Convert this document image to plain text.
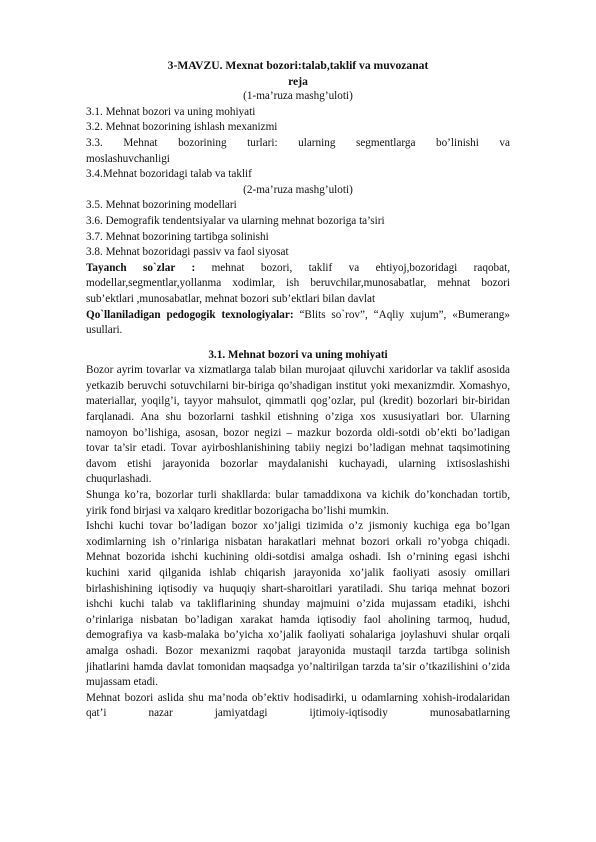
3-MAVZU. Mexnat bozori:talab,taklif va muvozanat
reja
(1-ma’ruza mashg’uloti)
3.1. Mehnat bozori va uning mohiyati
3.2. Mehnat bozorining ishlash mexanizmi
3.3. Mehnat bozorining turlari: ularning segmentlarga bo’linishi va
moslashuvchanligi
3.4.Mehnat bozoridagi talab va taklif
(2-ma’ruza mashg’uloti)
3.5. Mehnat bozorining modellari
3.6. Demografik tendentsiyalar va ularning mehnat bozoriga ta’siri
3.7. Mehnat bozorining tartibga solinishi
3.8. Mehnat bozoridagi passiv va faol siyosat
Tayanch so`zlar : mehnat bozori, taklif va ehtiyoj,bozoridagi raqobat, modellar,segmentlar,yollanma xodimlar, ish beruvchilar,munosabatlar, mehnat bozori sub’ektlari ,munosabatlar, mehnat bozori sub’ektlari bilan davlat
Qo`llaniladigan pedogogik texnologiyalar: “Blits so`rov”, “Aqliy xujum”, «Bumerang» usullari.
3.1. Mehnat bozori va uning mohiyati
Bozor ayrim tovarlar va xizmatlarga talab bilan murojaat qiluvchi xaridorlar va taklif asosida yetkazib beruvchi sotuvchilarni bir-biriga qo’shadigan institut yoki mexanizmdir. Xomashyo, materiallar, yoqilg’i, tayyor mahsulot, qimmatli qog’ozlar, pul (kredit) bozorlari bir-biridan farqlanadi. Ana shu bozorlarni tashkil etishning o’ziga xos xususiyatlari bor. Ularning namoyon bo’lishiga, asosan, bozor negizi – mazkur bozorda oldi-sotdi ob’ekti bo’ladigan tovar ta’sir etadi. Tovar ayirboshlanishining tabiiy negizi bo’ladigan mehnat taqsimotining davom etishi jarayonida bozorlar maydalanishi kuchayadi, ularning ixtisoslashishi chuqurlashadi.
Shunga ko’ra, bozorlar turli shakllarda: bular tamaddixona va kichik do’konchadan tortib, yirik fond birjasi va xalqaro kreditlar bozorigacha bo’lishi mumkin.
Ishchi kuchi tovar bo’ladigan bozor xo’jaligi tizimida o’z jismoniy kuchiga ega bo’lgan xodimlarning ish o’rinlariga nisbatan harakatlari mehnat bozori orkali ro’yobga chiqadi. Mehnat bozorida ishchi kuchining oldi-sotdisi amalga oshadi. Ish o’rnining egasi ishchi kuchini xarid qilganida ishlab chiqarish jarayonida xo’jalik faoliyati asosiy omillari birlashishining iqtisodiy va huquqiy shart-sharoitlari yaratiladi. Shu tariqa mehnat bozori ishchi kuchi talab va takliflarining shunday majmuini o’zida mujassam etadiki, ishchi o’rinlariga nisbatan bo’ladigan xarakat hamda iqtisodiy faol aholining tarmoq, hudud, demografiya va kasb-malaka bo’yicha xo’jalik faoliyati sohalariga joylashuvi shular orqali amalga oshadi. Bozor mexanizmi raqobat jarayonida mustaqil tarzda tartibga solinish jihatlarini hamda davlat tomonidan maqsadga yo’naltirilgan tarzda ta’sir o’tkazilishini o’zida mujassam etadi.
Mehnat bozori aslida shu ma’noda ob’ektiv hodisadirki, u odamlarning xohish-irodalaridan qat’i nazar jamiyatdagi ijtimoiy-iqtisodiy munosabatlarning
